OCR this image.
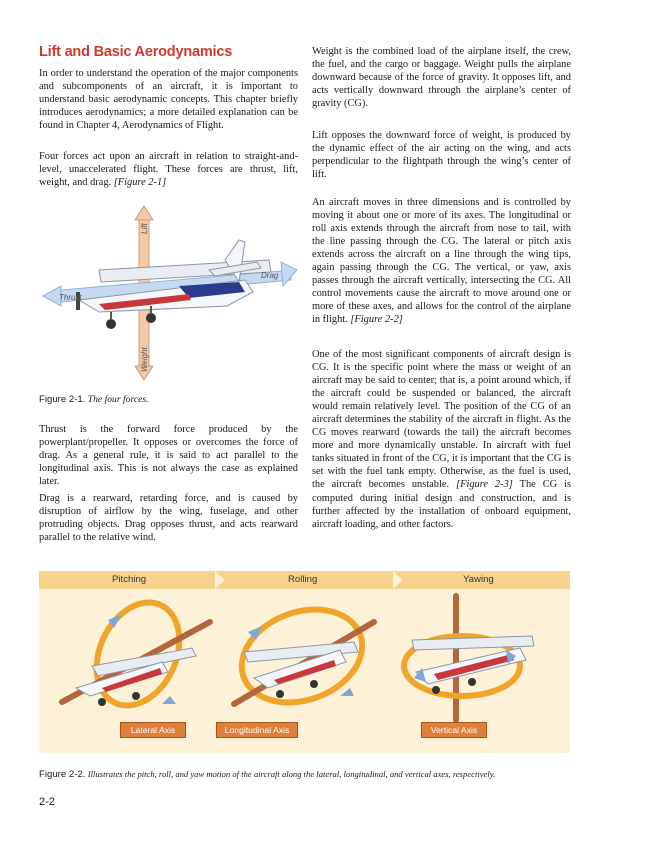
Lift and Basic Aerodynamics

In order to understand the operation of the major components and subcomponents of an aircraft, it is important to understand basic aerodynamic concepts. This chapter briefly introduces aerodynamics; a more detailed explanation can be found in Chapter 4, Aerodynamics of Flight.

Four forces act upon an aircraft in relation to straight-and-level, unaccelerated flight. These forces are thrust, lift, weight, and drag. [Figure 2-1]

Lift
Weight
Thrust
Drag

Figure 2-1. The four forces.

Thrust is the forward force produced by the powerplant/propeller. It opposes or overcomes the force of drag. As a general rule, it is said to act parallel to the longitudinal axis. This is not always the case as explained later.

Drag is a rearward, retarding force, and is caused by disruption of airflow by the wing, fuselage, and other protruding objects. Drag opposes thrust, and acts rearward parallel to the relative wind.

Weight is the combined load of the airplane itself, the crew, the fuel, and the cargo or baggage. Weight pulls the airplane downward because of the force of gravity. It opposes lift, and acts vertically downward through the airplane’s center of gravity (CG).

Lift opposes the downward force of weight, is produced by the dynamic effect of the air acting on the wing, and acts perpendicular to the flightpath through the wing’s center of lift.

An aircraft moves in three dimensions and is controlled by moving it about one or more of its axes. The longitudinal or roll axis extends through the aircraft from nose to tail, with the line passing through the CG. The lateral or pitch axis extends across the aircraft on a line through the wing tips, again passing through the CG. The vertical, or yaw, axis passes through the aircraft vertically, intersecting the CG. All control movements cause the aircraft to move around one or more of these axes, and allows for the control of the airplane in flight. [Figure 2-2]

One of the most significant components of aircraft design is CG. It is the specific point where the mass or weight of an aircraft may be said to center; that is, a point around which, if the aircraft could be suspended or balanced, the aircraft would remain relatively level. The position of the CG of an aircraft determines the stability of the aircraft in flight. As the CG moves rearward (towards the tail) the aircraft becomes more and more dynamically unstable. In aircraft with fuel tanks situated in front of the CG, it is important that the CG is set with the fuel tank empty. Otherwise, as the fuel is used, the aircraft becomes unstable. [Figure 2-3] The CG is computed during initial design and construction, and is further affected by the installation of onboard equipment, aircraft loading, and other factors.

Pitching	Rolling	Yawing
Lateral Axis	Longitudinal Axis	Vertical Axis

Figure 2-2. Illustrates the pitch, roll, and yaw motion of the aircraft along the lateral, longitudinal, and vertical axes, respectively.

2-2
